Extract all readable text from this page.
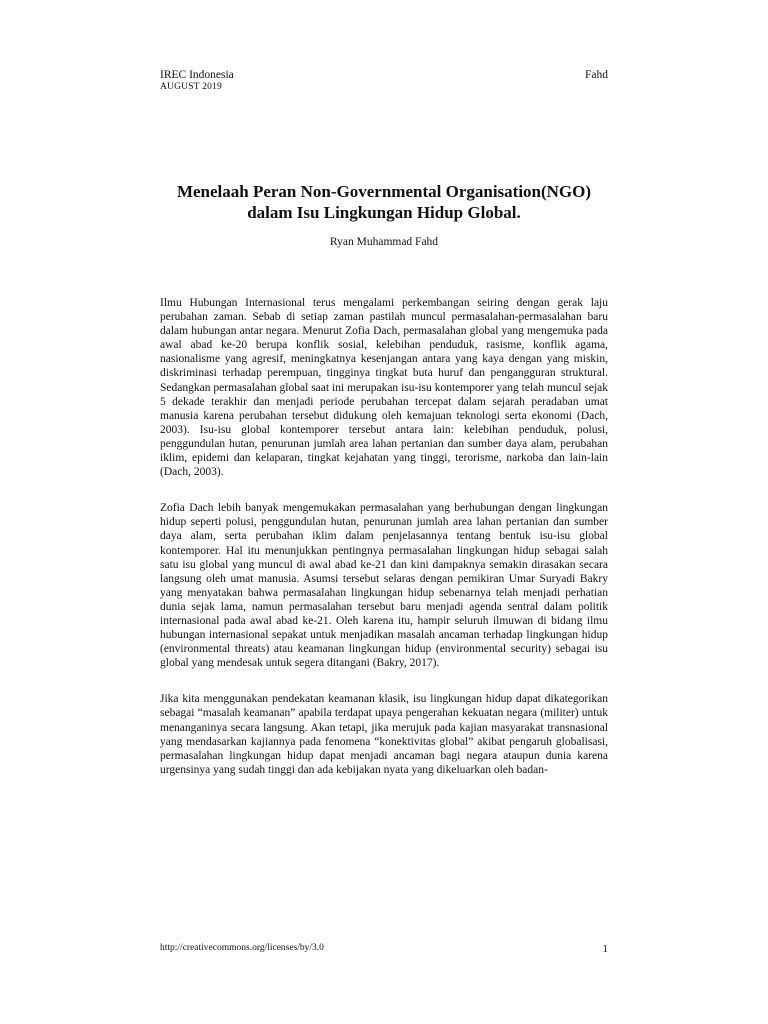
IREC Indonesia
AUGUST 2019
Fahd
Menelaah Peran Non-Governmental Organisation(NGO)
dalam Isu Lingkungan Hidup Global.
Ryan Muhammad Fahd

Ilmu Hubungan Internasional terus mengalami perkembangan seiring dengan gerak laju perubahan zaman. Sebab di setiap zaman pastilah muncul permasalahan-permasalahan baru dalam hubungan antar negara. Menurut Zofia Dach, permasalahan global yang mengemuka pada awal abad ke-20 berupa konflik sosial, kelebihan penduduk, rasisme, konflik agama, nasionalisme yang agresif, meningkatnya kesenjangan antara yang kaya dengan yang miskin, diskriminasi terhadap perempuan, tingginya tingkat buta huruf dan pengangguran struktural. Sedangkan permasalahan global saat ini merupakan isu-isu kontemporer yang telah muncul sejak 5 dekade terakhir dan menjadi periode perubahan tercepat dalam sejarah peradaban umat manusia karena perubahan tersebut didukung oleh kemajuan teknologi serta ekonomi (Dach, 2003). Isu-isu global kontemporer tersebut antara lain: kelebihan penduduk, polusi, penggundulan hutan, penurunan jumlah area lahan pertanian dan sumber daya alam, perubahan iklim, epidemi dan kelaparan, tingkat kejahatan yang tinggi, terorisme, narkoba dan lain-lain (Dach, 2003).

Zofia Dach lebih banyak mengemukakan permasalahan yang berhubungan dengan lingkungan hidup seperti polusi, penggundulan hutan, penurunan jumlah area lahan pertanian dan sumber daya alam, serta perubahan iklim dalam penjelasannya tentang bentuk isu-isu global kontemporer. Hal itu menunjukkan pentingnya permasalahan lingkungan hidup sebagai salah satu isu global yang muncul di awal abad ke-21 dan kini dampaknya semakin dirasakan secara langsung oleh umat manusia. Asumsi tersebut selaras dengan pemikiran Umar Suryadi Bakry yang menyatakan bahwa permasalahan lingkungan hidup sebenarnya telah menjadi perhatian dunia sejak lama, namun permasalahan tersebut baru menjadi agenda sentral dalam politik internasional pada awal abad ke-21. Oleh karena itu, hampir seluruh ilmuwan di bidang ilmu hubungan internasional sepakat untuk menjadikan masalah ancaman terhadap lingkungan hidup (environmental threats) atau keamanan lingkungan hidup (environmental security) sebagai isu global yang mendesak untuk segera ditangani (Bakry, 2017).

Jika kita menggunakan pendekatan keamanan klasik, isu lingkungan hidup dapat dikategorikan sebagai “masalah keamanan” apabila terdapat upaya pengerahan kekuatan negara (militer) untuk menanganinya secara langsung. Akan tetapi, jika merujuk pada kajian masyarakat transnasional yang mendasarkan kajiannya pada fenomena “konektivitas global” akibat pengaruh globalisasi, permasalahan lingkungan hidup dapat menjadi ancaman bagi negara ataupun dunia karena urgensinya yang sudah tinggi dan ada kebijakan nyata yang dikeluarkan oleh badan-

http://creativecommons.org/licenses/by/3.0	1
